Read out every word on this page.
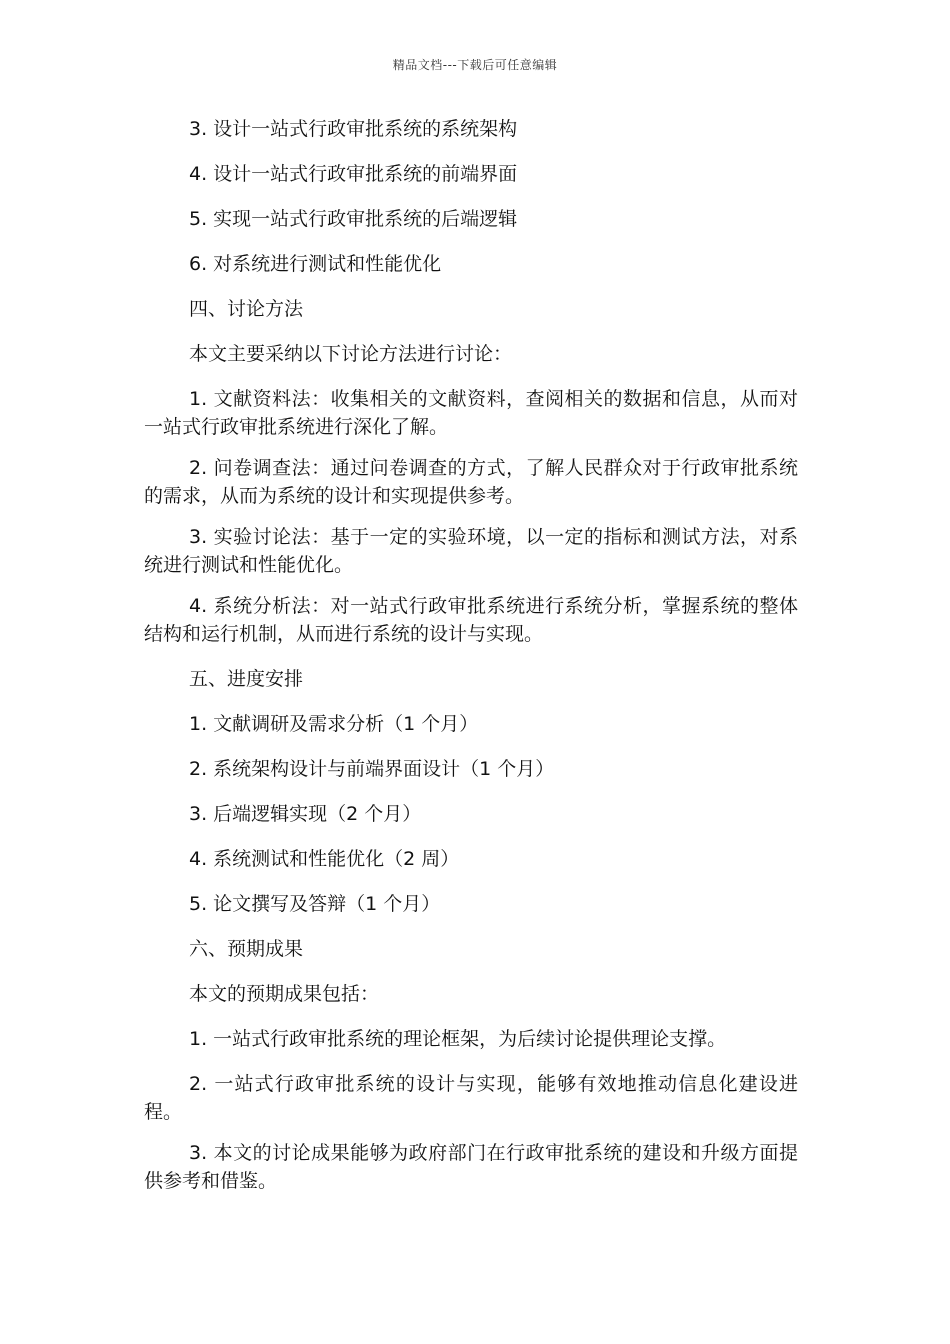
精品文档---下载后可任意编辑

3. 设计一站式行政审批系统的系统架构

4. 设计一站式行政审批系统的前端界面

5. 实现一站式行政审批系统的后端逻辑

6. 对系统进行测试和性能优化

四、讨论方法

本文主要采纳以下讨论方法进行讨论：

1. 文献资料法：收集相关的文献资料，查阅相关的数据和信息，从而对一站式行政审批系统进行深化了解。

2. 问卷调查法：通过问卷调查的方式，了解人民群众对于行政审批系统的需求，从而为系统的设计和实现提供参考。

3. 实验讨论法：基于一定的实验环境，以一定的指标和测试方法，对系统进行测试和性能优化。

4. 系统分析法：对一站式行政审批系统进行系统分析，掌握系统的整体结构和运行机制，从而进行系统的设计与实现。

五、进度安排

1. 文献调研及需求分析（1 个月）

2. 系统架构设计与前端界面设计（1 个月）

3. 后端逻辑实现（2 个月）

4. 系统测试和性能优化（2 周）

5. 论文撰写及答辩（1 个月）

六、预期成果

本文的预期成果包括：

1. 一站式行政审批系统的理论框架，为后续讨论提供理论支撑。

2. 一站式行政审批系统的设计与实现，能够有效地推动信息化建设进程。

3. 本文的讨论成果能够为政府部门在行政审批系统的建设和升级方面提供参考和借鉴。
